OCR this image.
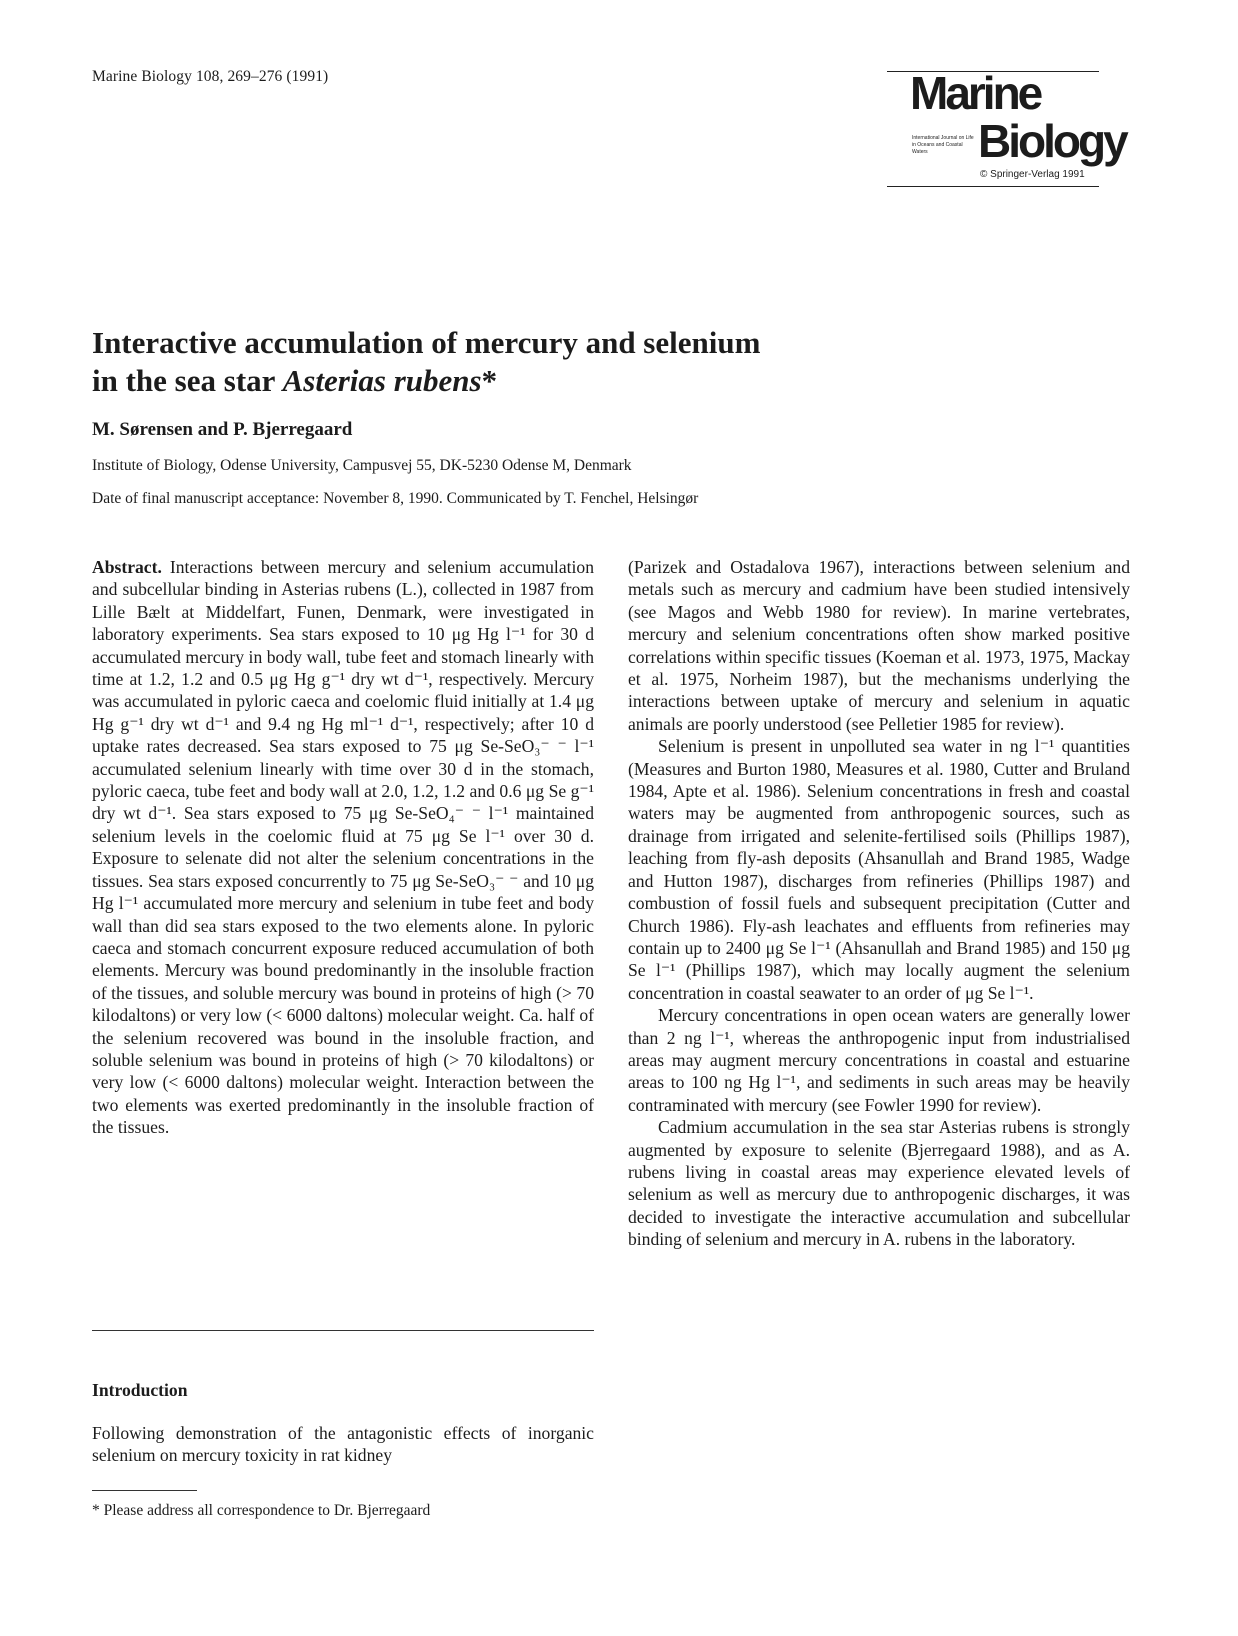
Marine Biology 108, 269–276 (1991)	Marine
International Journal on Life in Oceans and Coastal Waters	Biology
© Springer-Verlag 1991
Interactive accumulation of mercury and selenium
in the sea star Asterias rubens*
M. Sørensen and P. Bjerregaard
Institute of Biology, Odense University, Campusvej 55, DK-5230 Odense M, Denmark
Date of final manuscript acceptance: November 8, 1990. Communicated by T. Fenchel, Helsingør

Abstract. Interactions between mercury and selenium accumulation and subcellular binding in Asterias rubens (L.), collected in 1987 from Lille Bælt at Middelfart, Funen, Denmark, were investigated in laboratory experiments. Sea stars exposed to 10 μg Hg l⁻¹ for 30 d accumulated mercury in body wall, tube feet and stomach linearly with time at 1.2, 1.2 and 0.5 μg Hg g⁻¹ dry wt d⁻¹, respectively. Mercury was accumulated in pyloric caeca and coelomic fluid initially at 1.4 μg Hg g⁻¹ dry wt d⁻¹ and 9.4 ng Hg ml⁻¹ d⁻¹, respectively; after 10 d uptake rates decreased. Sea stars exposed to 75 μg Se-SeO₃⁻ ⁻ l⁻¹ accumulated selenium linearly with time over 30 d in the stomach, pyloric caeca, tube feet and body wall at 2.0, 1.2, 1.2 and 0.6 μg Se g⁻¹ dry wt d⁻¹. Sea stars exposed to 75 μg Se-SeO₄⁻ ⁻ l⁻¹ maintained selenium levels in the coelomic fluid at 75 μg Se l⁻¹ over 30 d. Exposure to selenate did not alter the selenium concentrations in the tissues. Sea stars exposed concurrently to 75 μg Se-SeO₃⁻ ⁻ and 10 μg Hg l⁻¹ accumulated more mercury and selenium in tube feet and body wall than did sea stars exposed to the two elements alone. In pyloric caeca and stomach concurrent exposure reduced accumulation of both elements. Mercury was bound predominantly in the insoluble fraction of the tissues, and soluble mercury was bound in proteins of high (> 70 kilodaltons) or very low (< 6000 daltons) molecular weight. Ca. half of the selenium recovered was bound in the insoluble fraction, and soluble selenium was bound in proteins of high (> 70 kilodaltons) or very low (< 6000 daltons) molecular weight. Interaction between the two elements was exerted predominantly in the insoluble fraction of the tissues.

Introduction

Following demonstration of the antagonistic effects of inorganic selenium on mercury toxicity in rat kidney

* Please address all correspondence to Dr. Bjerregaard

(Parizek and Ostadalova 1967), interactions between selenium and metals such as mercury and cadmium have been studied intensively (see Magos and Webb 1980 for review). In marine vertebrates, mercury and selenium concentrations often show marked positive correlations within specific tissues (Koeman et al. 1973, 1975, Mackay et al. 1975, Norheim 1987), but the mechanisms underlying the interactions between uptake of mercury and selenium in aquatic animals are poorly understood (see Pelletier 1985 for review).

Selenium is present in unpolluted sea water in ng l⁻¹ quantities (Measures and Burton 1980, Measures et al. 1980, Cutter and Bruland 1984, Apte et al. 1986). Selenium concentrations in fresh and coastal waters may be augmented from anthropogenic sources, such as drainage from irrigated and selenite-fertilised soils (Phillips 1987), leaching from fly-ash deposits (Ahsanullah and Brand 1985, Wadge and Hutton 1987), discharges from refineries (Phillips 1987) and combustion of fossil fuels and subsequent precipitation (Cutter and Church 1986). Fly-ash leachates and effluents from refineries may contain up to 2400 μg Se l⁻¹ (Ahsanullah and Brand 1985) and 150 μg Se l⁻¹ (Phillips 1987), which may locally augment the selenium concentration in coastal seawater to an order of μg Se l⁻¹.

Mercury concentrations in open ocean waters are generally lower than 2 ng l⁻¹, whereas the anthropogenic input from industrialised areas may augment mercury concentrations in coastal and estuarine areas to 100 ng Hg l⁻¹, and sediments in such areas may be heavily contraminated with mercury (see Fowler 1990 for review).

Cadmium accumulation in the sea star Asterias rubens is strongly augmented by exposure to selenite (Bjerregaard 1988), and as A. rubens living in coastal areas may experience elevated levels of selenium as well as mercury due to anthropogenic discharges, it was decided to investigate the interactive accumulation and subcellular binding of selenium and mercury in A. rubens in the laboratory.
